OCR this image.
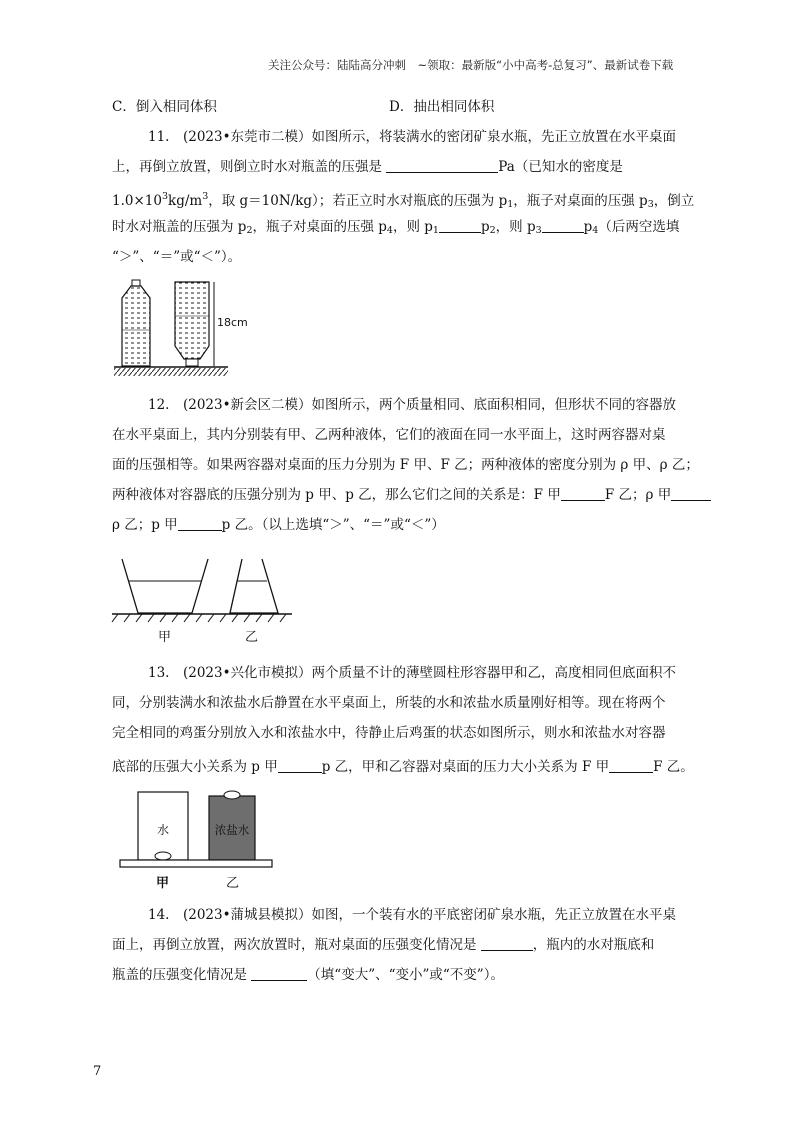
关注公众号：陆陆高分冲刺　~领取：最新版“小中高考-总复习”、最新试卷下载
C．倒入相同体积	D．抽出相同体积
11.　(2023•东莞市二模）如图所示，将装满水的密闭矿泉水瓶，先正立放置在水平桌面
上，再倒立放置，则倒立时水对瓶盖的压强是	Pa（已知水的密度是
$1.0\times 10^3kg/m^3$，取 g＝10N/kg）；若正立时水对瓶底的压强为 $p_1$，瓶子对桌面的压强 $p_3$，倒立
时水对瓶盖的压强为 $p_2$，瓶子对桌面的压强 $p_4$，则 $p_1$	$p_2$，则 $p_3$	$p_4$（后两空选填
“＞”、“＝”或“＜”）。
18cm
12.　(2023•新会区二模）如图所示，两个质量相同、底面积相同，但形状不同的容器放
在水平桌面上，其内分别装有甲、乙两种液体，它们的液面在同一水平面上，这时两容器对桌
面的压强相等。如果两容器对桌面的压力分别为 F 甲、F 乙；两种液体的密度分别为 ρ 甲、ρ 乙；
两种液体对容器底的压强分别为 p 甲、p 乙，那么它们之间的关系是：F 甲	F 乙；ρ 甲
ρ 乙；p 甲	p 乙。（以上选填“＞”、“＝”或“＜”）
甲	乙
13.　(2023•兴化市模拟）两个质量不计的薄壁圆柱形容器甲和乙，高度相同但底面积不
同，分别装满水和浓盐水后静置在水平桌面上，所装的水和浓盐水质量刚好相等。现在将两个
完全相同的鸡蛋分别放入水和浓盐水中，待静止后鸡蛋的状态如图所示，则水和浓盐水对容器
底部的压强大小关系为 p 甲	p 乙，甲和乙容器对桌面的压力大小关系为 F 甲	F 乙。
水	浓盐水
甲	乙
14.　(2023•蒲城县模拟）如图，一个装有水的平底密闭矿泉水瓶，先正立放置在水平桌
面上，再倒立放置，两次放置时，瓶对桌面的压强变化情况是	，瓶内的水对瓶底和
瓶盖的压强变化情况是	（填“变大”、“变小”或“不变”）。
7
